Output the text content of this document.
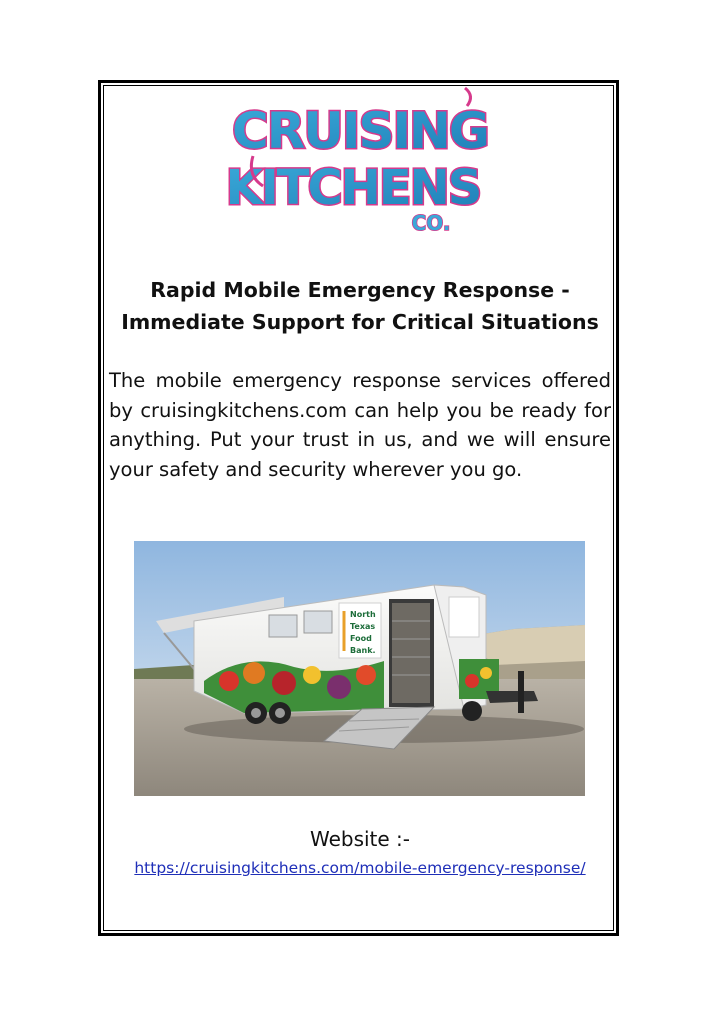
CRUISING
KITCHENS
CO.
Rapid Mobile Emergency Response -
Immediate Support for Critical Situations
The mobile emergency response services offered by cruisingkitchens.com can help you be ready for anything. Put your trust in us, and we will ensure your safety and security wherever you go.
North
Texas
Food
Bank.
Website :-
https://cruisingkitchens.com/mobile-emergency-response/
